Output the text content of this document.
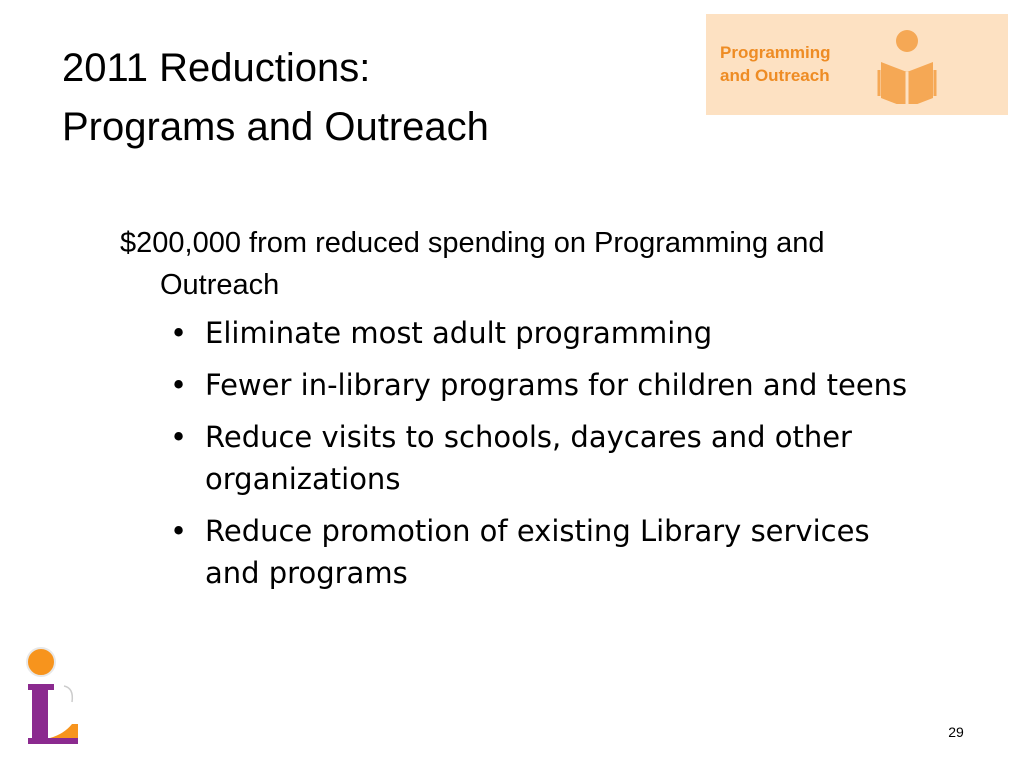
2011 Reductions:
Programs and Outreach
Programming
and Outreach

$200,000 from reduced spending on Programming and Outreach

• Eliminate most adult programming
• Fewer in-library programs for children and teens
• Reduce visits to schools, daycares and other organizations
• Reduce promotion of existing Library services and programs
29
